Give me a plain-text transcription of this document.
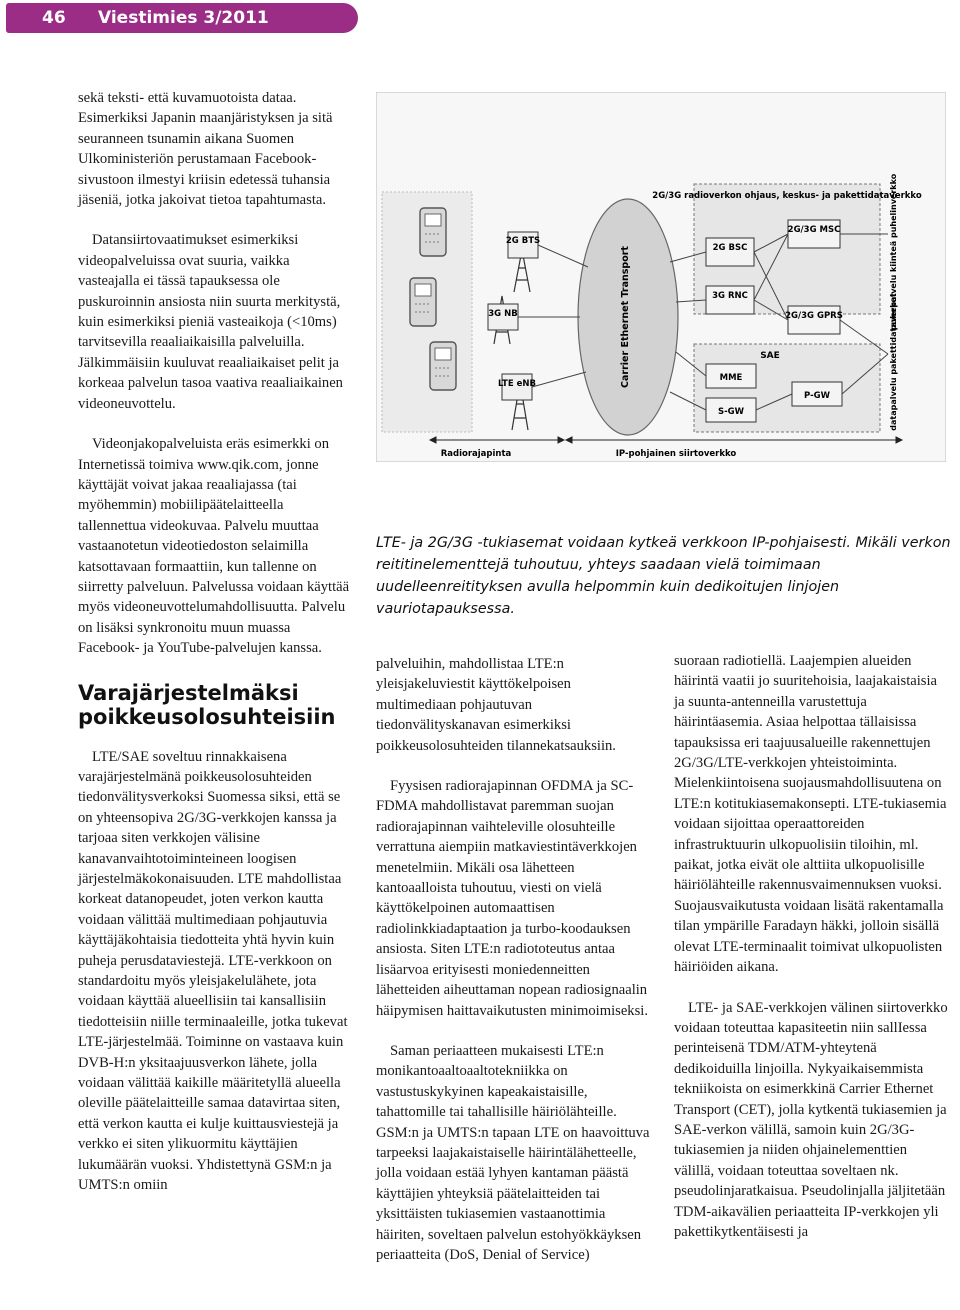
46 Viestimies 3/2011

sekä teksti- että kuvamuotoista dataa. Esimerkiksi Japanin maanjäristyksen ja sitä seuranneen tsunamin aikana Suomen Ulkoministeriön perustamaan Facebook-sivustoon ilmestyi kriisin edetessä tuhansia jäseniä, jotka jakoivat tietoa tapahtumasta.

Datansiirtovaatimukset esimerkiksi videopalveluissa ovat suuria, vaikka vasteajalla ei tässä tapauksessa ole puskuroinnin ansiosta niin suurta merkitystä, kuin esimerkiksi pieniä vasteaikoja (<10ms) tarvitsevilla reaaliaikaisilla palveluilla. Jälkimmäisiin kuuluvat reaaliaikaiset pelit ja korkeaa palvelun tasoa vaativa reaaliaikainen videoneuvottelu.

Videonjakopalveluista eräs esimerkki on Internetissä toimiva www.qik.com, jonne käyttäjät voivat jakaa reaaliajassa (tai myöhemmin) mobiilipäätelaitteella tallennettua videokuvaa. Palvelu muuttaa vastaanotetun videotiedoston selaimilla katsottavaan formaattiin, kun tallenne on siirretty palveluun. Palvelussa voidaan käyttää myös videoneuvottelumahdollisuutta. Palvelu on lisäksi synkronoitu muun muassa Facebook- ja YouTube-palvelujen kanssa.

Varajärjestelmäksi poikkeusolosuhteisiin

LTE/SAE soveltuu rinnakkaisena varajärjestelmänä poikkeusolosuhteiden tiedonvälitysverkoksi Suomessa siksi, että se on yhteensopiva 2G/3G-verkkojen kanssa ja tarjoaa siten verkkojen välisine kanavanvaihtotoiminteineen loogisen järjestelmäkokonaisuuden. LTE mahdollistaa korkeat datanopeudet, joten verkon kautta voidaan välittää multimediaan pohjautuvia käyttäjäkohtaisia tiedotteita yhtä hyvin kuin puheja perusdataviestejä. LTE-verkkoon on standardoitu myös yleisjakelulähete, jota voidaan käyttää alueellisiin tai kansallisiin tiedotteisiin niille terminaaleille, jotka tukevat LTE-järjestelmää. Toiminne on vastaava kuin DVB-H:n yksitaajuusverkon lähete, jolla voidaan välittää kaikille määritetyllä alueella oleville päätelaitteille samaa datavirtaa siten, että verkon kautta ei kulje kuittausviestejä ja verkko ei siten ylikuormitu käyttäjien lukumäärän vuoksi. Yhdistettynä GSM:n ja UMTS:n omiin

2G BTS
3G NB
LTE eNB	Carrier Ethernet Transport
2G/3G radioverkon ohjaus, keskus- ja pakettidataverkko
2G BSC
3G RNC
2G/3G MSC
2G/3G GPRS
SAE
MME
S-GW
P-GW
puhepalvelu kiinteä puhelinverkko
datapalvelu pakettidataverkot
Radiorajapinta	IP-pohjainen siirtoverkko
LTE- ja 2G/3G -tukiasemat voidaan kytkeä verkkoon IP-pohjaisesti. Mikäli verkon reititinelementtejä tuhoutuu, yhteys saadaan vielä toimimaan uudelleenreitityksen avulla helpommin kuin dedikoitujen linjojen vauriotapauksessa.

palveluihin, mahdollistaa LTE:n yleisjakeluviestit käyttökelpoisen multimediaan pohjautuvan tiedonvälityskanavan esimerkiksi poikkeusolosuhteiden tilannekatsauksiin.

Fyysisen radiorajapinnan OFDMA ja SC-FDMA mahdollistavat paremman suojan radiorajapinnan vaihteleville olosuhteille verrattuna aiempiin matkaviestintäverkkojen menetelmiin. Mikäli osa lähetteen kantoaalloista tuhoutuu, viesti on vielä käyttökelpoinen automaattisen radiolinkkiadaptaation ja turbo-koodauksen ansiosta. Siten LTE:n radiototeutus antaa lisäarvoa erityisesti moniedenneitten lähetteiden aiheuttaman nopean radiosignaalin häipymisen haittavaikutusten minimoimiseksi.

Saman periaatteen mukaisesti LTE:n monikantoaaltoaaltotekniikka on vastustuskykyinen kapeakaistaisille, tahattomille tai tahallisille häiriölähteille. GSM:n ja UMTS:n tapaan LTE on haavoittuva tarpeeksi laajakaistaiselle häirintälähetteelle, jolla voidaan estää lyhyen kantaman päästä käyttäjien yhteyksiä päätelaitteiden tai yksittäisten tukiasemien vastaanottimia häiriten, soveltaen palvelun estohyökkäyksen periaatteita (DoS, Denial of Service)

suoraan radiotiellä. Laajempien alueiden häirintä vaatii jo suuritehoisia, laajakaistaisia ja suunta-antenneilla varustettuja häirintäasemia. Asiaa helpottaa tällaisissa tapauksissa eri taajuusalueille rakennettujen 2G/3G/LTE-verkkojen yhteistoiminta. Mielenkiintoisena suojausmahdollisuutena on LTE:n kotitukiasemakonsepti. LTE-tukiasemia voidaan sijoittaa operaattoreiden infrastruktuurin ulkopuolisiin tiloihin, ml. paikat, jotka eivät ole alttiita ulkopuolisille häiriölähteille rakennusvaimennuksen vuoksi. Suojausvaikutusta voidaan lisätä rakentamalla tilan ympärille Faradayn häkki, jolloin sisällä olevat LTE-terminaalit toimivat ulkopuolisten häiriöiden aikana.

LTE- ja SAE-verkkojen välinen siirtoverkko voidaan toteuttaa kapasiteetin niin sallIessa perinteisenä TDM/ATM-yhteytenä dedikoiduilla linjoilla. Nykyaikaisemmista tekniikoista on esimerkkinä Carrier Ethernet Transport (CET), jolla kytkentä tukiasemien ja SAE-verkon välillä, samoin kuin 2G/3G-tukiasemien ja niiden ohjainelementtien välillä, voidaan toteuttaa soveltaen nk. pseudolinjaratkaisua. Pseudolinjalla jäljitetään TDM-aikavälien periaatteita IP-verkkojen yli pakettikytkentäisesti ja
